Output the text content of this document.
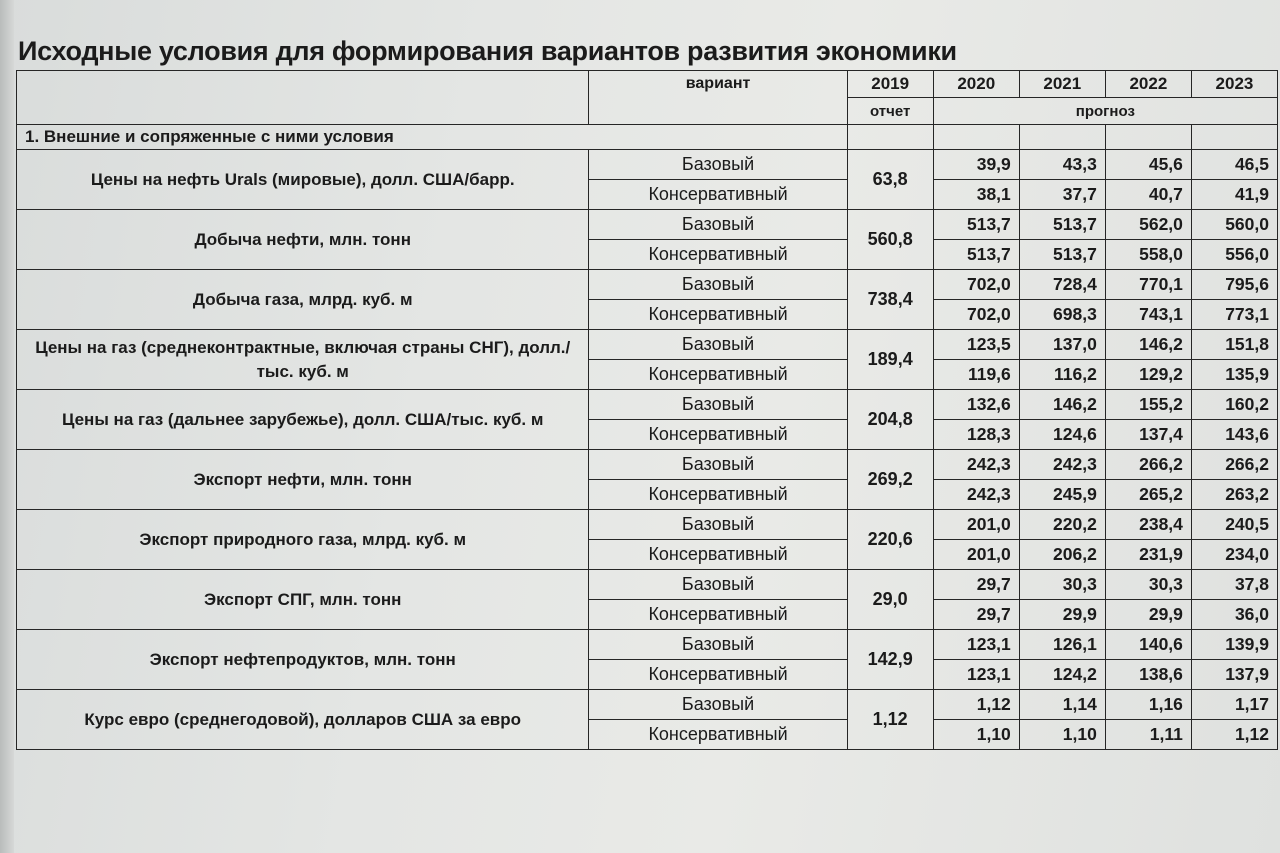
Исходные условия для формирования вариантов развития экономики
	вариант	2019	2020	2021	2022	2023
		отчет	прогноз			
1. Внешние и сопряженные с ними условия						
Цены на нефть Urals (мировые), долл. США/барр.	Базовый	63,8	39,9	43,3	45,6	46,5
	Консервативный		38,1	37,7	40,7	41,9
Добыча нефти, млн. тонн	Базовый	560,8	513,7	513,7	562,0	560,0
	Консервативный		513,7	513,7	558,0	556,0
Добыча газа, млрд. куб. м	Базовый	738,4	702,0	728,4	770,1	795,6
	Консервативный		702,0	698,3	743,1	773,1
Цены на газ (среднеконтрактные, включая страны СНГ), долл./тыс. куб. м	Базовый	189,4	123,5	137,0	146,2	151,8
	Консервативный		119,6	116,2	129,2	135,9
Цены на газ (дальнее зарубежье), долл. США/тыс. куб. м	Базовый	204,8	132,6	146,2	155,2	160,2
	Консервативный		128,3	124,6	137,4	143,6
Экспорт нефти, млн. тонн	Базовый	269,2	242,3	242,3	266,2	266,2
	Консервативный		242,3	245,9	265,2	263,2
Экспорт природного газа, млрд. куб. м	Базовый	220,6	201,0	220,2	238,4	240,5
	Консервативный		201,0	206,2	231,9	234,0
Экспорт СПГ, млн. тонн	Базовый	29,0	29,7	30,3	30,3	37,8
	Консервативный		29,7	29,9	29,9	36,0
Экспорт нефтепродуктов, млн. тонн	Базовый	142,9	123,1	126,1	140,6	139,9
	Консервативный		123,1	124,2	138,6	137,9
Курс евро (среднегодовой), долларов США за евро	Базовый	1,12	1,12	1,14	1,16	1,17
	Консервативный		1,10	1,10	1,11	1,12
